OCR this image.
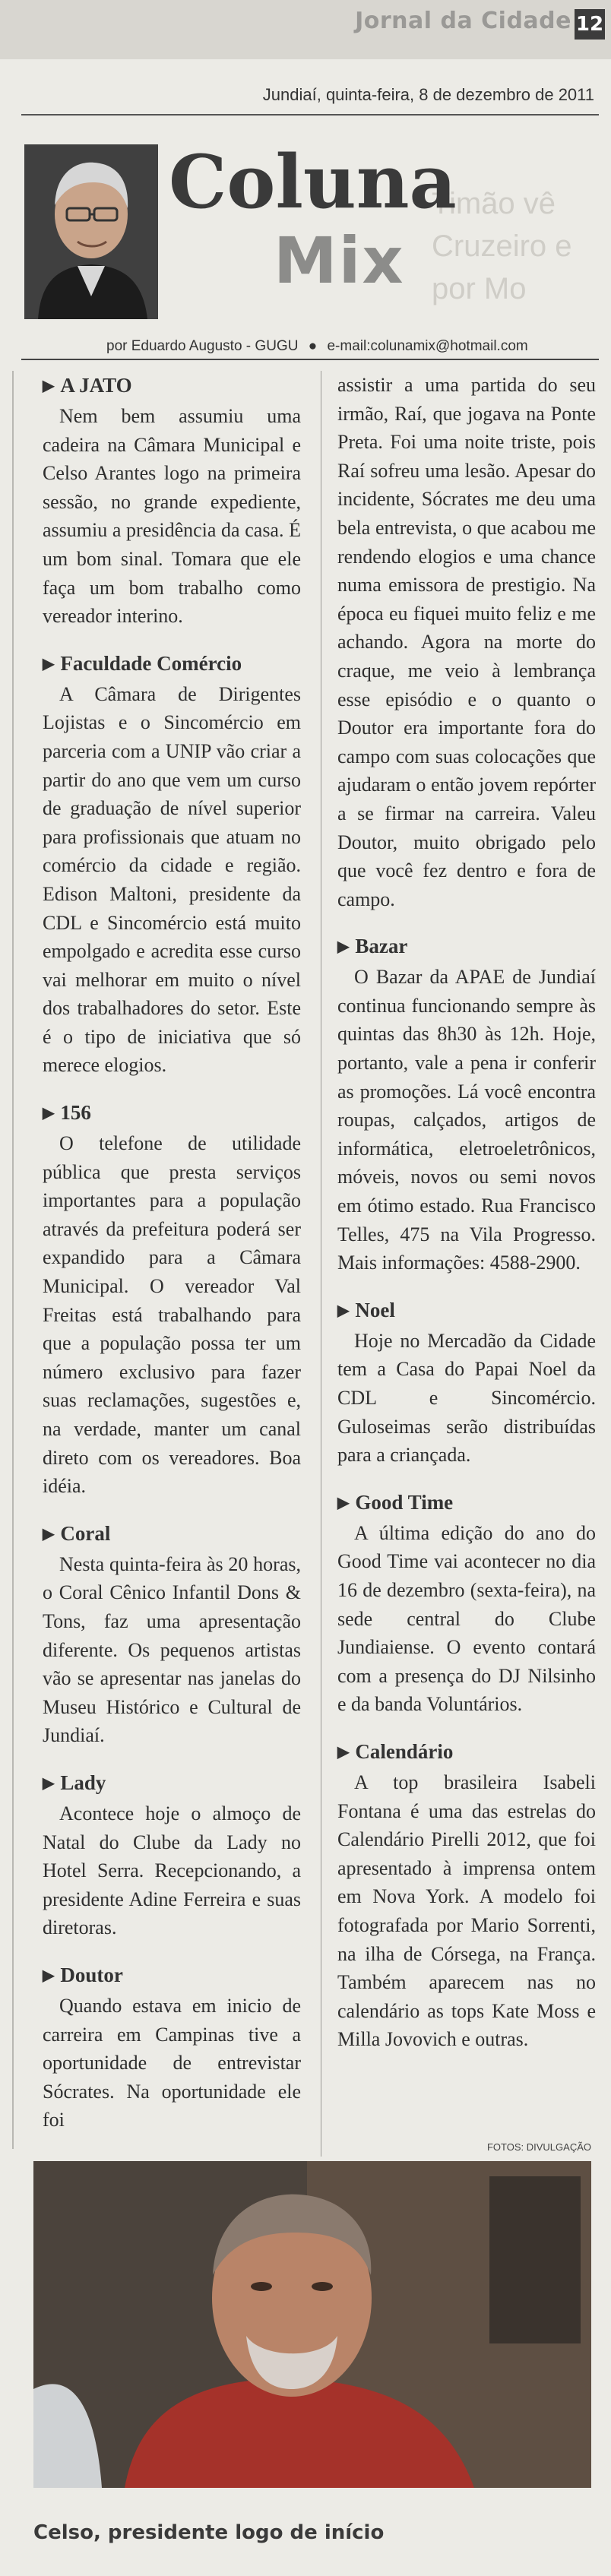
Jornal da Cidade 12
Jundiaí, quinta-feira, 8 de dezembro de 2011
Timão vê
Cruzeiro e
por Mo
Coluna
Mix
por Eduardo Augusto - GUGU ● e-mail:colunamix@hotmail.com
▶ A JATO

Nem bem assumiu uma cadeira na Câmara Municipal e Celso Arantes logo na primeira sessão, no grande expediente, assumiu a presidência da casa. É um bom sinal. Tomara que ele faça um bom trabalho como vereador interino.

▶ Faculdade Comércio

A Câmara de Dirigentes Lojistas e o Sincomércio em parceria com a UNIP vão criar a partir do ano que vem um curso de graduação de nível superior para profissionais que atuam no comércio da cidade e região. Edison Maltoni, presidente da CDL e Sincomércio está muito empolgado e acredita esse curso vai melhorar em muito o nível dos trabalhadores do setor. Este é o tipo de iniciativa que só merece elogios.

▶ 156

O telefone de utilidade pública que presta serviços importantes para a população através da prefeitura poderá ser expandido para a Câmara Municipal. O vereador Val Freitas está trabalhando para que a população possa ter um número exclusivo para fazer suas reclamações, sugestões e, na verdade, manter um canal direto com os vereadores. Boa idéia.

▶ Coral

Nesta quinta-feira às 20 horas, o Coral Cênico Infantil Dons & Tons, faz uma apresentação diferente. Os pequenos artistas vão se apresentar nas janelas do Museu Histórico e Cultural de Jundiaí.

▶ Lady

Acontece hoje o almoço de Natal do Clube da Lady no Hotel Serra. Recepcionando, a presidente Adine Ferreira e suas diretoras.

▶ Doutor

Quando estava em inicio de carreira em Campinas tive a oportunidade de entrevistar Sócrates. Na oportunidade ele foi

assistir a uma partida do seu irmão, Raí, que jogava na Ponte Preta. Foi uma noite triste, pois Raí sofreu uma lesão. Apesar do incidente, Sócrates me deu uma bela entrevista, o que acabou me rendendo elogios e uma chance numa emissora de prestigio. Na época eu fiquei muito feliz e me achando. Agora na morte do craque, me veio à lembrança esse episódio e o quanto o Doutor era importante fora do campo com suas colocações que ajudaram o então jovem repórter a se firmar na carreira. Valeu Doutor, muito obrigado pelo que você fez dentro e fora de campo.

▶ Bazar

O Bazar da APAE de Jundiaí continua funcionando sempre às quintas das 8h30 às 12h. Hoje, portanto, vale a pena ir conferir as promoções. Lá você encontra roupas, calçados, artigos de informática, eletroeletrônicos, móveis, novos ou semi novos em ótimo estado. Rua Francisco Telles, 475 na Vila Progresso. Mais informações: 4588-2900.

▶ Noel

Hoje no Mercadão da Cidade tem a Casa do Papai Noel da CDL e Sincomércio. Guloseimas serão distribuídas para a criançada.

▶ Good Time

A última edição do ano do Good Time vai acontecer no dia 16 de dezembro (sexta-feira), na sede central do Clube Jundiaiense. O evento contará com a presença do DJ Nilsinho e da banda Voluntários.

▶ Calendário

A top brasileira Isabeli Fontana é uma das estrelas do Calendário Pirelli 2012, que foi apresentado à imprensa ontem em Nova York. A modelo foi fotografada por Mario Sorrenti, na ilha de Córsega, na França. Também aparecem nas no calendário as tops Kate Moss e Milla Jovovich e outras.

FOTOS: DIVULGAÇÃO
Celso, presidente logo de início
